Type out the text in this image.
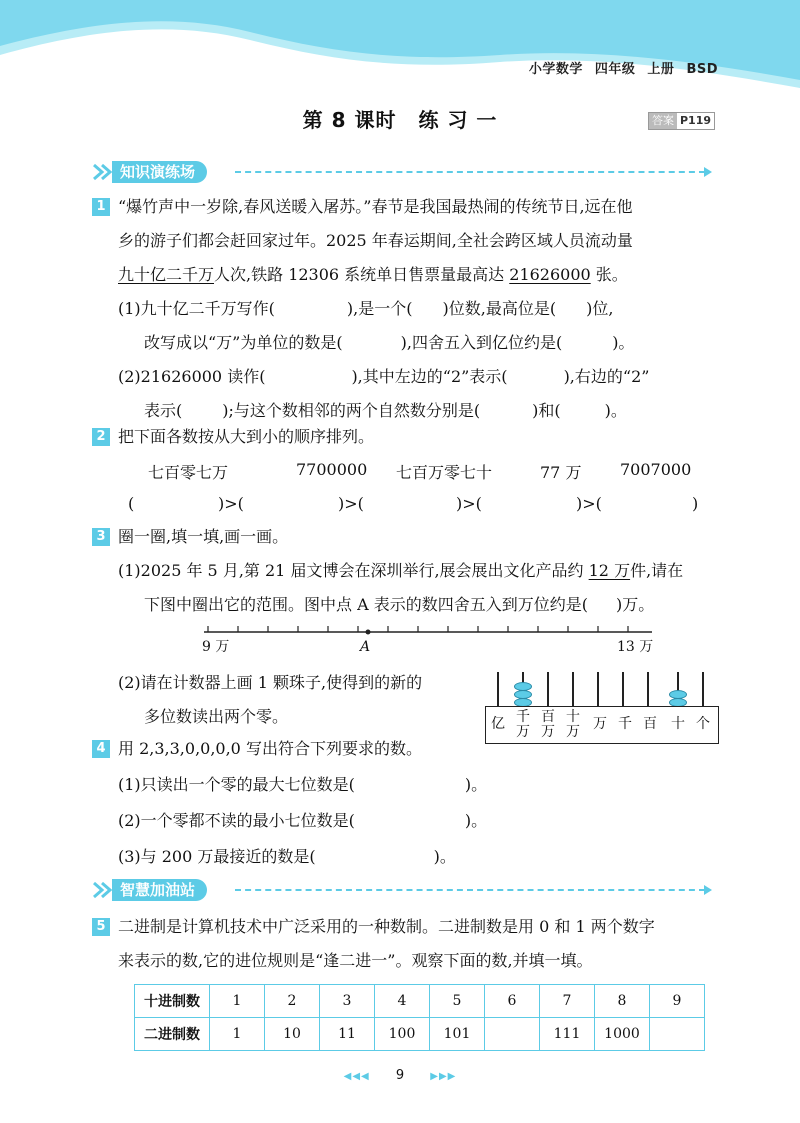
小学数学 四年级 上册 BSD
第 8 课时 练 习 一	答案 P119
知识演练场
1 “爆竹声中一岁除,春风送暖入屠苏。”春节是我国最热闹的传统节日,远在他
乡的游子们都会赶回家过年。2025 年春运期间,全社会跨区域人员流动量
九十亿二千万人次,铁路 12306 系统单日售票量最高达 21626000 张。
(1)九十亿二千万写作(	),是一个( )位数,最高位是( )位,
改写成以“万”为单位的数是(	),四舍五入到亿位约是(	)。
(2)21626000 读作(	),其中左边的“2”表示(	),右边的“2”
表示(	);与这个数相邻的两个自然数分别是(	)和(	)。
2 把下面各数按从大到小的顺序排列。
七百零七万	7700000 七百万零七十	77 万 7007000
(	)>(	)>(	)>(	)>(	)
3 圈一圈,填一填,画一画。
(1)2025 年 5 月,第 21 届文博会在深圳举行,展会展出文化产品约 12 万件,请在
下图中圈出它的范围。图中点 A 表示的数四舍五入到万位约是( )万。
9 万	A	13 万
(2)请在计数器上画 1 颗珠子,使得到的新的
多位数读出两个零。	亿 千万
百万
十万 万 千 百 十 个
4 用 2,3,3,0,0,0,0 写出符合下列要求的数。
(1)只读出一个零的最大七位数是(	)。
(2)一个零都不读的最小七位数是(	)。
(3)与 200 万最接近的数是(	)。
智慧加油站
5 二进制是计算机技术中广泛采用的一种数制。二进制数是用 0 和 1 两个数字
来表示的数,它的进位规则是“逢二进一”。观察下面的数,并填一填。
十进制数	1	2	3	4	5	6	7	8	9
二进制数	1	10	11	100	101		111	1000	
◀◀◀ 9	▶▶▶
